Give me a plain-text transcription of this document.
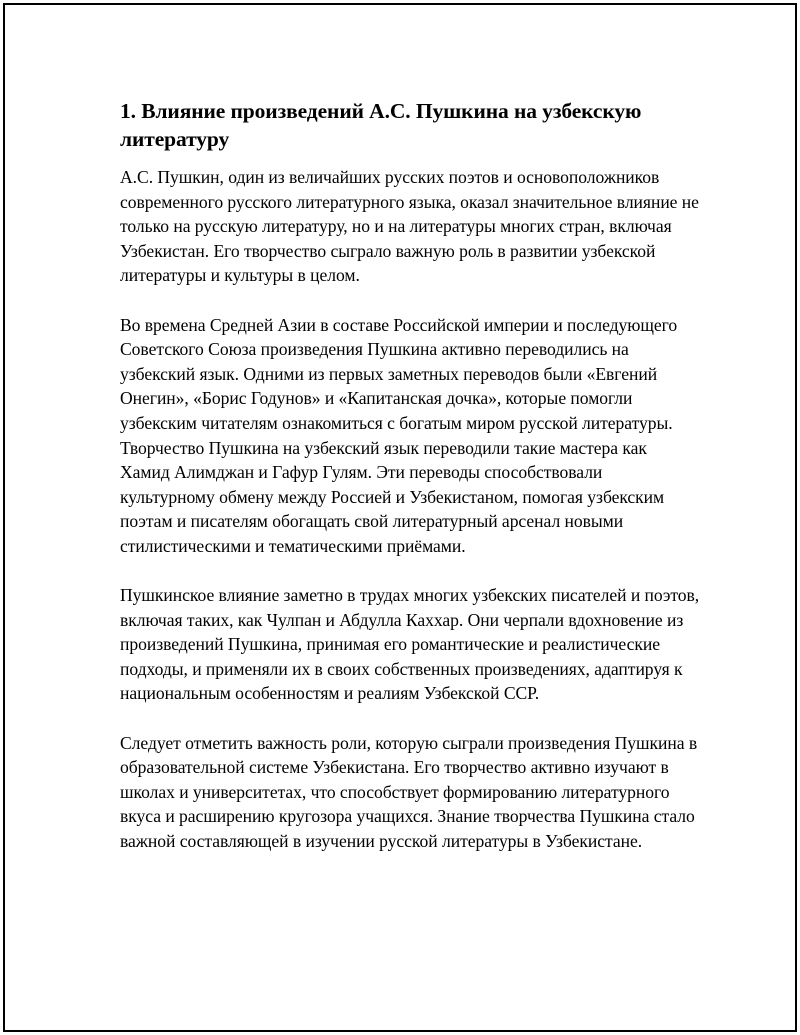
1. Влияние произведений А.С. Пушкина на узбекскую литературу

А.С. Пушкин, один из величайших русских поэтов и основоположников современного русского литературного языка, оказал значительное влияние не только на русскую литературу, но и на литературы многих стран, включая Узбекистан. Его творчество сыграло важную роль в развитии узбекской литературы и культуры в целом.

Во времена Средней Азии в составе Российской империи и последующего Советского Союза произведения Пушкина активно переводились на узбекский язык. Одними из первых заметных переводов были «Евгений Онегин», «Борис Годунов» и «Капитанская дочка», которые помогли узбекским читателям ознакомиться с богатым миром русской литературы. Творчество Пушкина на узбекский язык переводили такие мастера как Хамид Алимджан и Гафур Гулям. Эти переводы способствовали культурному обмену между Россией и Узбекистаном, помогая узбекским поэтам и писателям обогащать свой литературный арсенал новыми стилистическими и тематическими приёмами.

Пушкинское влияние заметно в трудах многих узбекских писателей и поэтов, включая таких, как Чулпан и Абдулла Каххар. Они черпали вдохновение из произведений Пушкина, принимая его романтические и реалистические подходы, и применяли их в своих собственных произведениях, адаптируя к национальным особенностям и реалиям Узбекской ССР.

Следует отметить важность роли, которую сыграли произведения Пушкина в образовательной системе Узбекистана. Его творчество активно изучают в школах и университетах, что способствует формированию литературного вкуса и расширению кругозора учащихся. Знание творчества Пушкина стало важной составляющей в изучении русской литературы в Узбекистане.
